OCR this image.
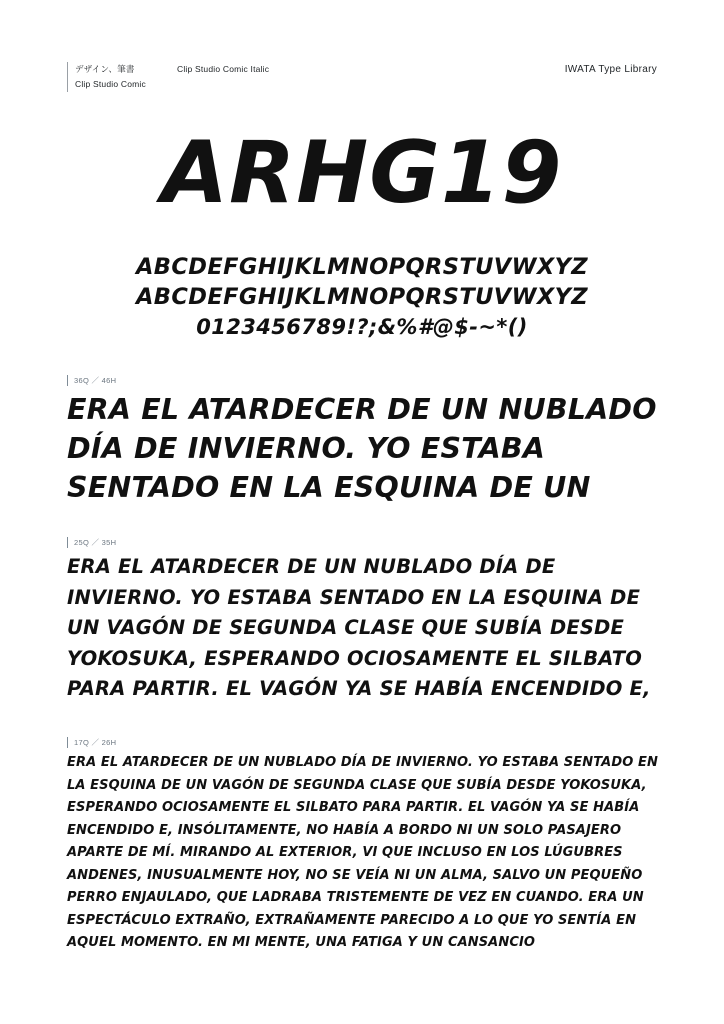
デザイン、筆書
Clip Studio Comic
Clip Studio Comic Italic	IWATA Type Library
ARHG19
ABCDEFGHIJKLMNOPQRSTUVWXYZ
ABCDEFGHIJKLMNOPQRSTUVWXYZ
0123456789!?;&%#@$-~*()
36Q ／ 46H

ERA EL ATARDECER DE UN NUBLADO DÍA DE INVIERNO. YO ESTABA SENTADO EN LA ESQUINA DE UN

25Q ／ 35H

ERA EL ATARDECER DE UN NUBLADO DÍA DE INVIERNO. YO ESTABA SENTADO EN LA ESQUINA DE UN VAGÓN DE SEGUNDA CLASE QUE SUBÍA DESDE YOKOSUKA, ESPERANDO OCIOSAMENTE EL SILBATO PARA PARTIR. EL VAGÓN YA SE HABÍA ENCENDIDO E,

17Q ／ 26H

ERA EL ATARDECER DE UN NUBLADO DÍA DE INVIERNO. YO ESTABA SENTADO EN LA ESQUINA DE UN VAGÓN DE SEGUNDA CLASE QUE SUBÍA DESDE YOKOSUKA, ESPERANDO OCIOSAMENTE EL SILBATO PARA PARTIR. EL VAGÓN YA SE HABÍA ENCENDIDO E, INSÓLITAMENTE, NO HABÍA A BORDO NI UN SOLO PASAJERO APARTE DE MÍ. MIRANDO AL EXTERIOR, VI QUE INCLUSO EN LOS LÚGUBRES ANDENES, INUSUALMENTE HOY, NO SE VEÍA NI UN ALMA, SALVO UN PEQUEÑO PERRO ENJAULADO, QUE LADRABA TRISTEMENTE DE VEZ EN CUANDO. ERA UN ESPECTÁCULO EXTRAÑO, EXTRAÑAMENTE PARECIDO A LO QUE YO SENTÍA EN AQUEL MOMENTO. EN MI MENTE, UNA FATIGA Y UN CANSANCIO
